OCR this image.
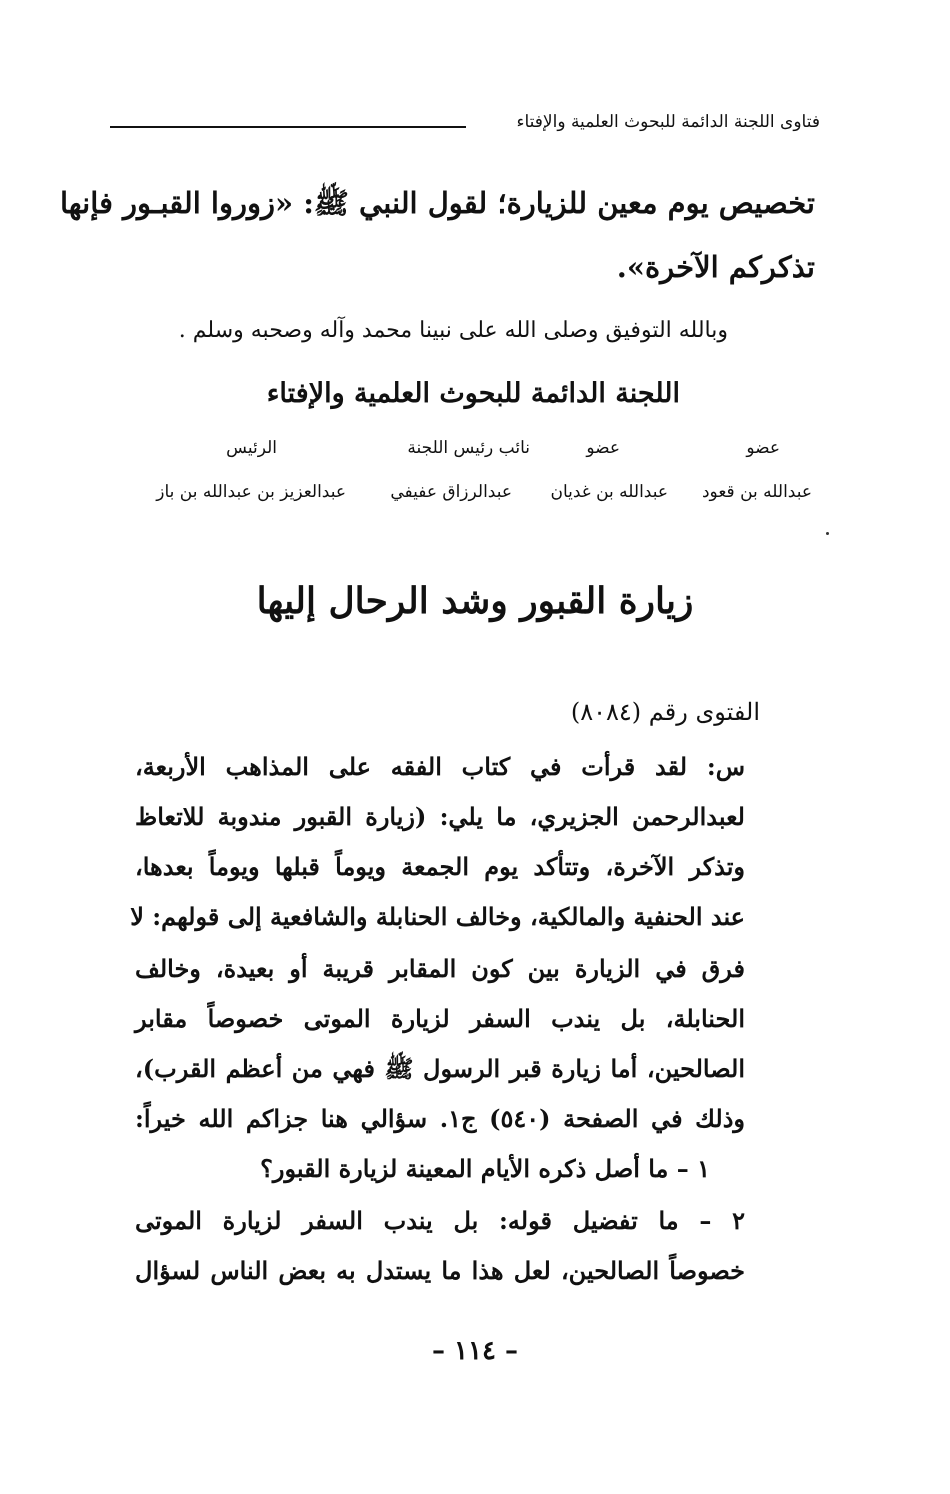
فتاوى اللجنة الدائمة للبحوث العلمية والإفتاء
تخصيص يوم معين للزيارة؛ لقول النبي ﷺ: «زوروا القبـور فإنها
تذكركم الآخرة».
وبالله التوفيق وصلى الله على نبينا محمد وآله وصحبه وسلم .
اللجنة الدائمة للبحوث العلمية والإفتاء
عضو
عضو
نائب رئيس اللجنة
الرئيس
عبدالله بن قعود
عبدالله بن غديان
عبدالرزاق عفيفي
عبدالعزيز بن عبدالله بن باز
زيارة القبور وشد الرحال إليها
الفتوى رقم (٨٠٨٤)
س: لقد قرأت في كتاب الفقه على المذاهب الأربعة،
لعبدالرحمن الجزيري، ما يلي: (زيارة القبور مندوبة للاتعاظ
وتذكر الآخرة، وتتأكد يوم الجمعة ويوماً قبلها ويوماً بعدها،
عند الحنفية والمالكية، وخالف الحنابلة والشافعية إلى قولهم: لا
فرق في الزيارة بين كون المقابر قريبة أو بعيدة، وخالف
الحنابلة، بل يندب السفر لزيارة الموتى خصوصاً مقابر
الصالحين، أما زيارة قبر الرسول ﷺ فهي من أعظم القرب)،
وذلك في الصفحة (٥٤٠) ج١. سؤالي هنا جزاكم الله خيراً:
١ – ما أصل ذكره الأيام المعينة لزيارة القبور؟
٢ – ما تفضيل قوله: بل يندب السفر لزيارة الموتى
خصوصاً الصالحين، لعل هذا ما يستدل به بعض الناس لسؤال
– ١١٤ –
